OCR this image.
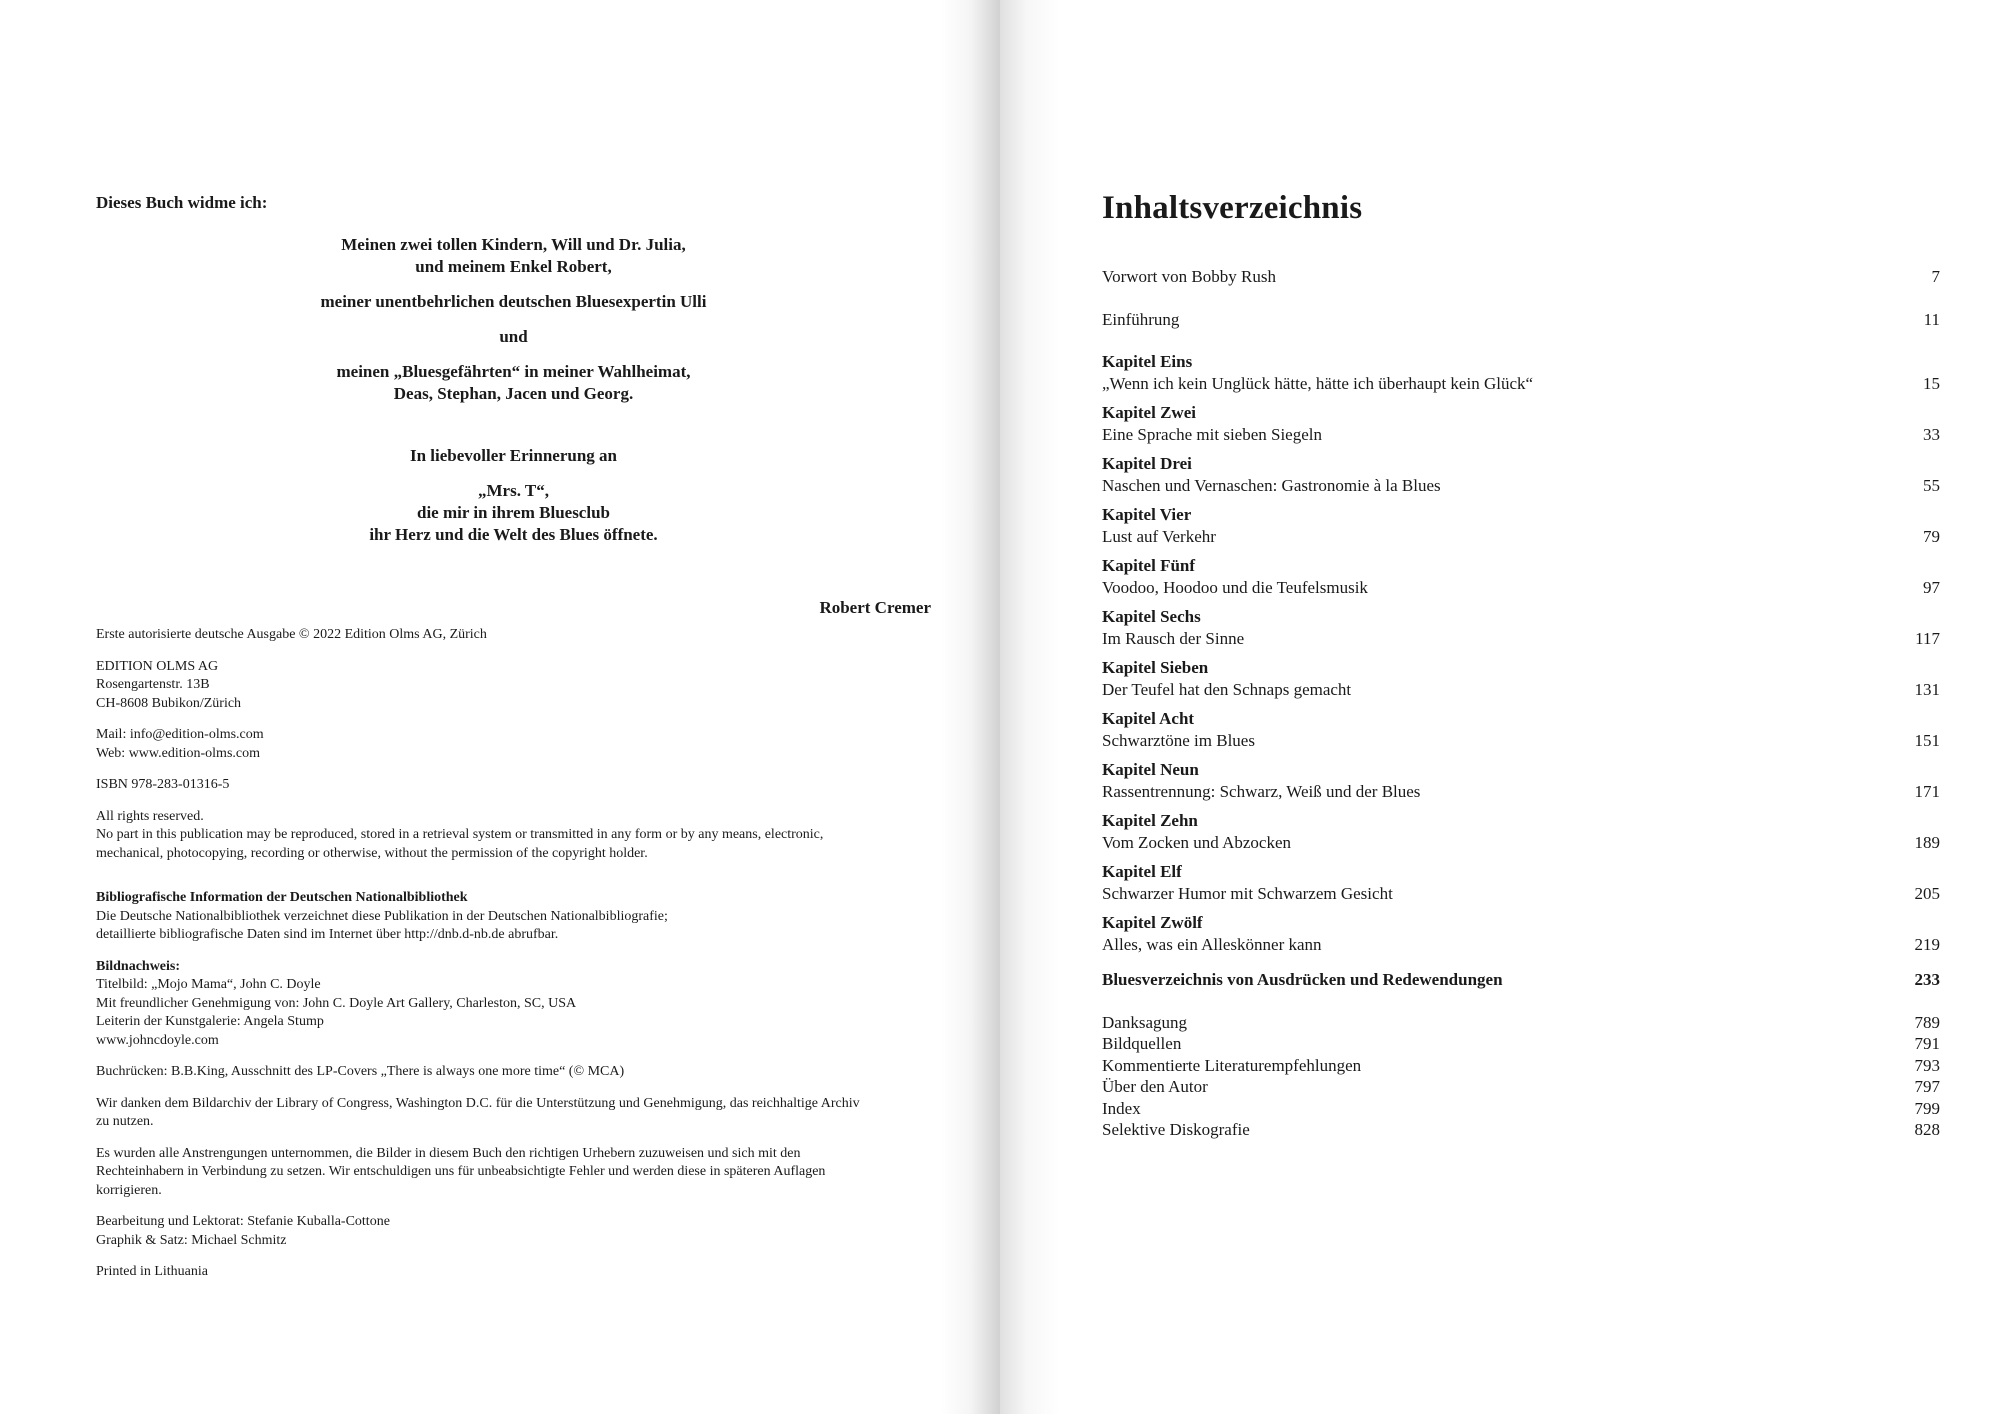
Dieses Buch widme ich:

Meinen zwei tollen Kindern, Will und Dr. Julia,
und meinem Enkel Robert,

meiner unentbehrlichen deutschen Bluesexpertin Ulli

und

meinen „Bluesgefährten“ in meiner Wahlheimat,
Deas, Stephan, Jacen und Georg.

In liebevoller Erinnerung an

„Mrs. T“,
die mir in ihrem Bluesclub
ihr Herz und die Welt des Blues öffnete.

Robert Cremer

Erste autorisierte deutsche Ausgabe © 2022 Edition Olms AG, Zürich

EDITION OLMS AG
Rosengartenstr. 13B
CH-8608 Bubikon/Zürich

Mail: info@edition-olms.com
Web: www.edition-olms.com

ISBN 978-283-01316-5

All rights reserved.
No part in this publication may be reproduced, stored in a retrieval system or transmitted in any form or by any means, electronic,
mechanical, photocopying, recording or otherwise, without the permission of the copyright holder.

Bibliografische Information der Deutschen Nationalbibliothek
Die Deutsche Nationalbibliothek verzeichnet diese Publikation in der Deutschen Nationalbibliografie;
detaillierte bibliografische Daten sind im Internet über http://dnb.d-nb.de abrufbar.

Bildnachweis:
Titelbild: „Mojo Mama“, John C. Doyle
Mit freundlicher Genehmigung von: John C. Doyle Art Gallery, Charleston, SC, USA
Leiterin der Kunstgalerie: Angela Stump
www.johncdoyle.com

Buchrücken: B.B.King, Ausschnitt des LP-Covers „There is always one more time“ (© MCA)

Wir danken dem Bildarchiv der Library of Congress, Washington D.C. für die Unterstützung und Genehmigung, das reichhaltige Archiv
zu nutzen.

Es wurden alle Anstrengungen unternommen, die Bilder in diesem Buch den richtigen Urhebern zuzuweisen und sich mit den
Rechteinhabern in Verbindung zu setzen. Wir entschuldigen uns für unbeabsichtigte Fehler und werden diese in späteren Auflagen
korrigieren.

Bearbeitung und Lektorat: Stefanie Kuballa-Cottone
Graphik & Satz: Michael Schmitz

Printed in Lithuania

Inhaltsverzeichnis
Vorwort von Bobby Rush	7
Einführung	11
Kapitel Eins
„Wenn ich kein Unglück hätte, hätte ich überhaupt kein Glück“	15
Kapitel Zwei
Eine Sprache mit sieben Siegeln	33
Kapitel Drei
Naschen und Vernaschen: Gastronomie à la Blues	55
Kapitel Vier
Lust auf Verkehr	79
Kapitel Fünf
Voodoo, Hoodoo und die Teufelsmusik	97
Kapitel Sechs
Im Rausch der Sinne	117
Kapitel Sieben
Der Teufel hat den Schnaps gemacht	131
Kapitel Acht
Schwarztöne im Blues	151
Kapitel Neun
Rassentrennung: Schwarz, Weiß und der Blues	171
Kapitel Zehn
Vom Zocken und Abzocken	189
Kapitel Elf
Schwarzer Humor mit Schwarzem Gesicht	205
Kapitel Zwölf
Alles, was ein Alleskönner kann	219
Bluesverzeichnis von Ausdrücken und Redewendungen	233
Danksagung	789
Bildquellen	791
Kommentierte Literaturempfehlungen	793
Über den Autor	797
Index	799
Selektive Diskografie	828
